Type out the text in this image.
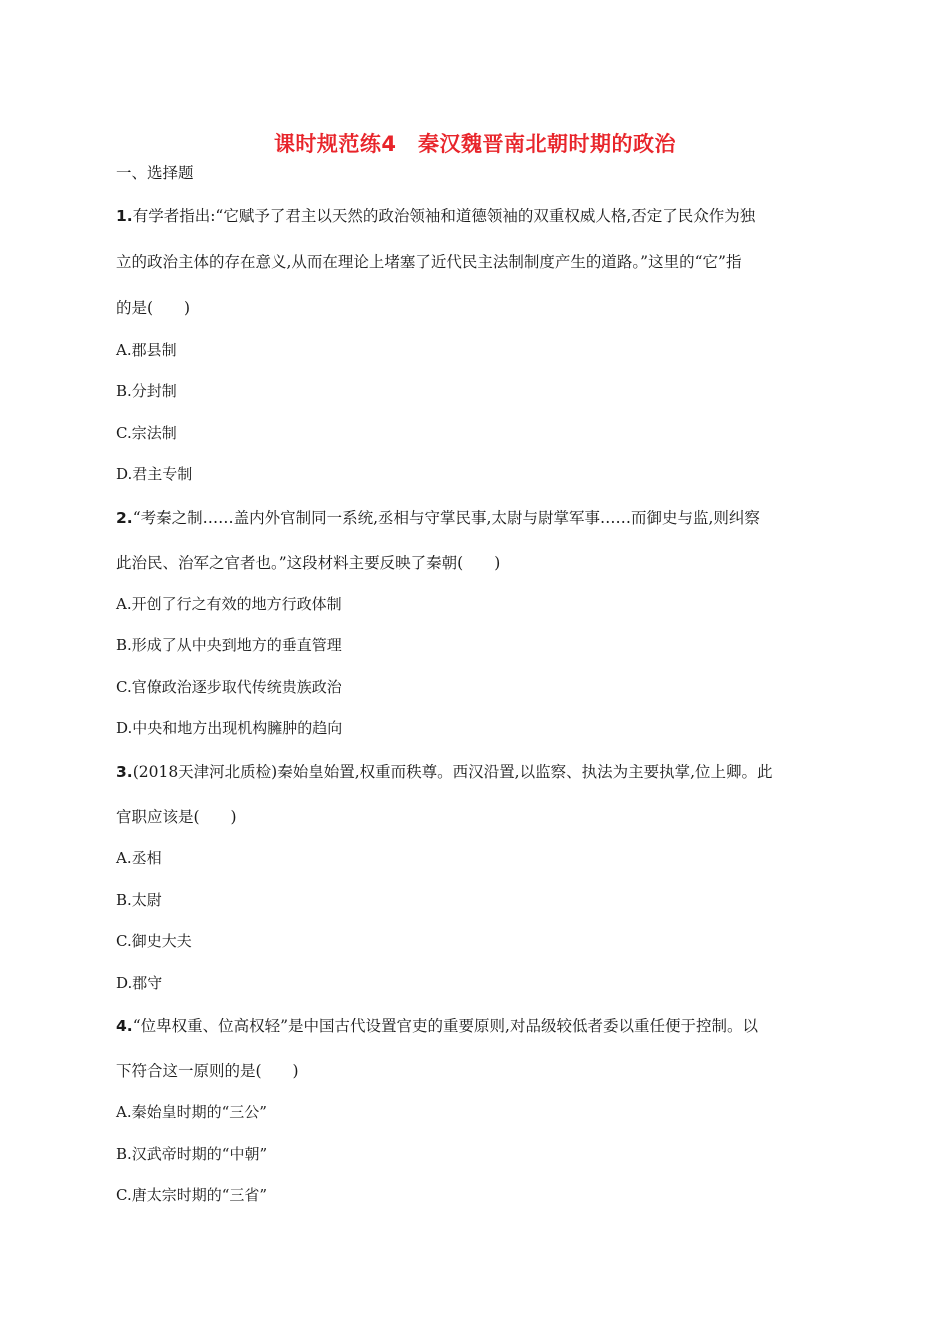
课时规范练4　秦汉魏晋南北朝时期的政治
一、选择题
1.有学者指出:“它赋予了君主以天然的政治领袖和道德领袖的双重权威人格,否定了民众作为独
立的政治主体的存在意义,从而在理论上堵塞了近代民主法制制度产生的道路。”这里的“它”指
的是(　　)
A.郡县制
B.分封制
C.宗法制
D.君主专制
2.“考秦之制……盖内外官制同一系统,丞相与守掌民事,太尉与尉掌军事……而御史与监,则纠察
此治民、治军之官者也。”这段材料主要反映了秦朝(　　)
A.开创了行之有效的地方行政体制
B.形成了从中央到地方的垂直管理
C.官僚政治逐步取代传统贵族政治
D.中央和地方出现机构臃肿的趋向
3.(2018天津河北质检)秦始皇始置,权重而秩尊。西汉沿置,以监察、执法为主要执掌,位上卿。此
官职应该是(　　)
A.丞相
B.太尉
C.御史大夫
D.郡守
4.“位卑权重、位高权轻”是中国古代设置官吏的重要原则,对品级较低者委以重任便于控制。以
下符合这一原则的是(　　)
A.秦始皇时期的“三公”
B.汉武帝时期的“中朝”
C.唐太宗时期的“三省”
